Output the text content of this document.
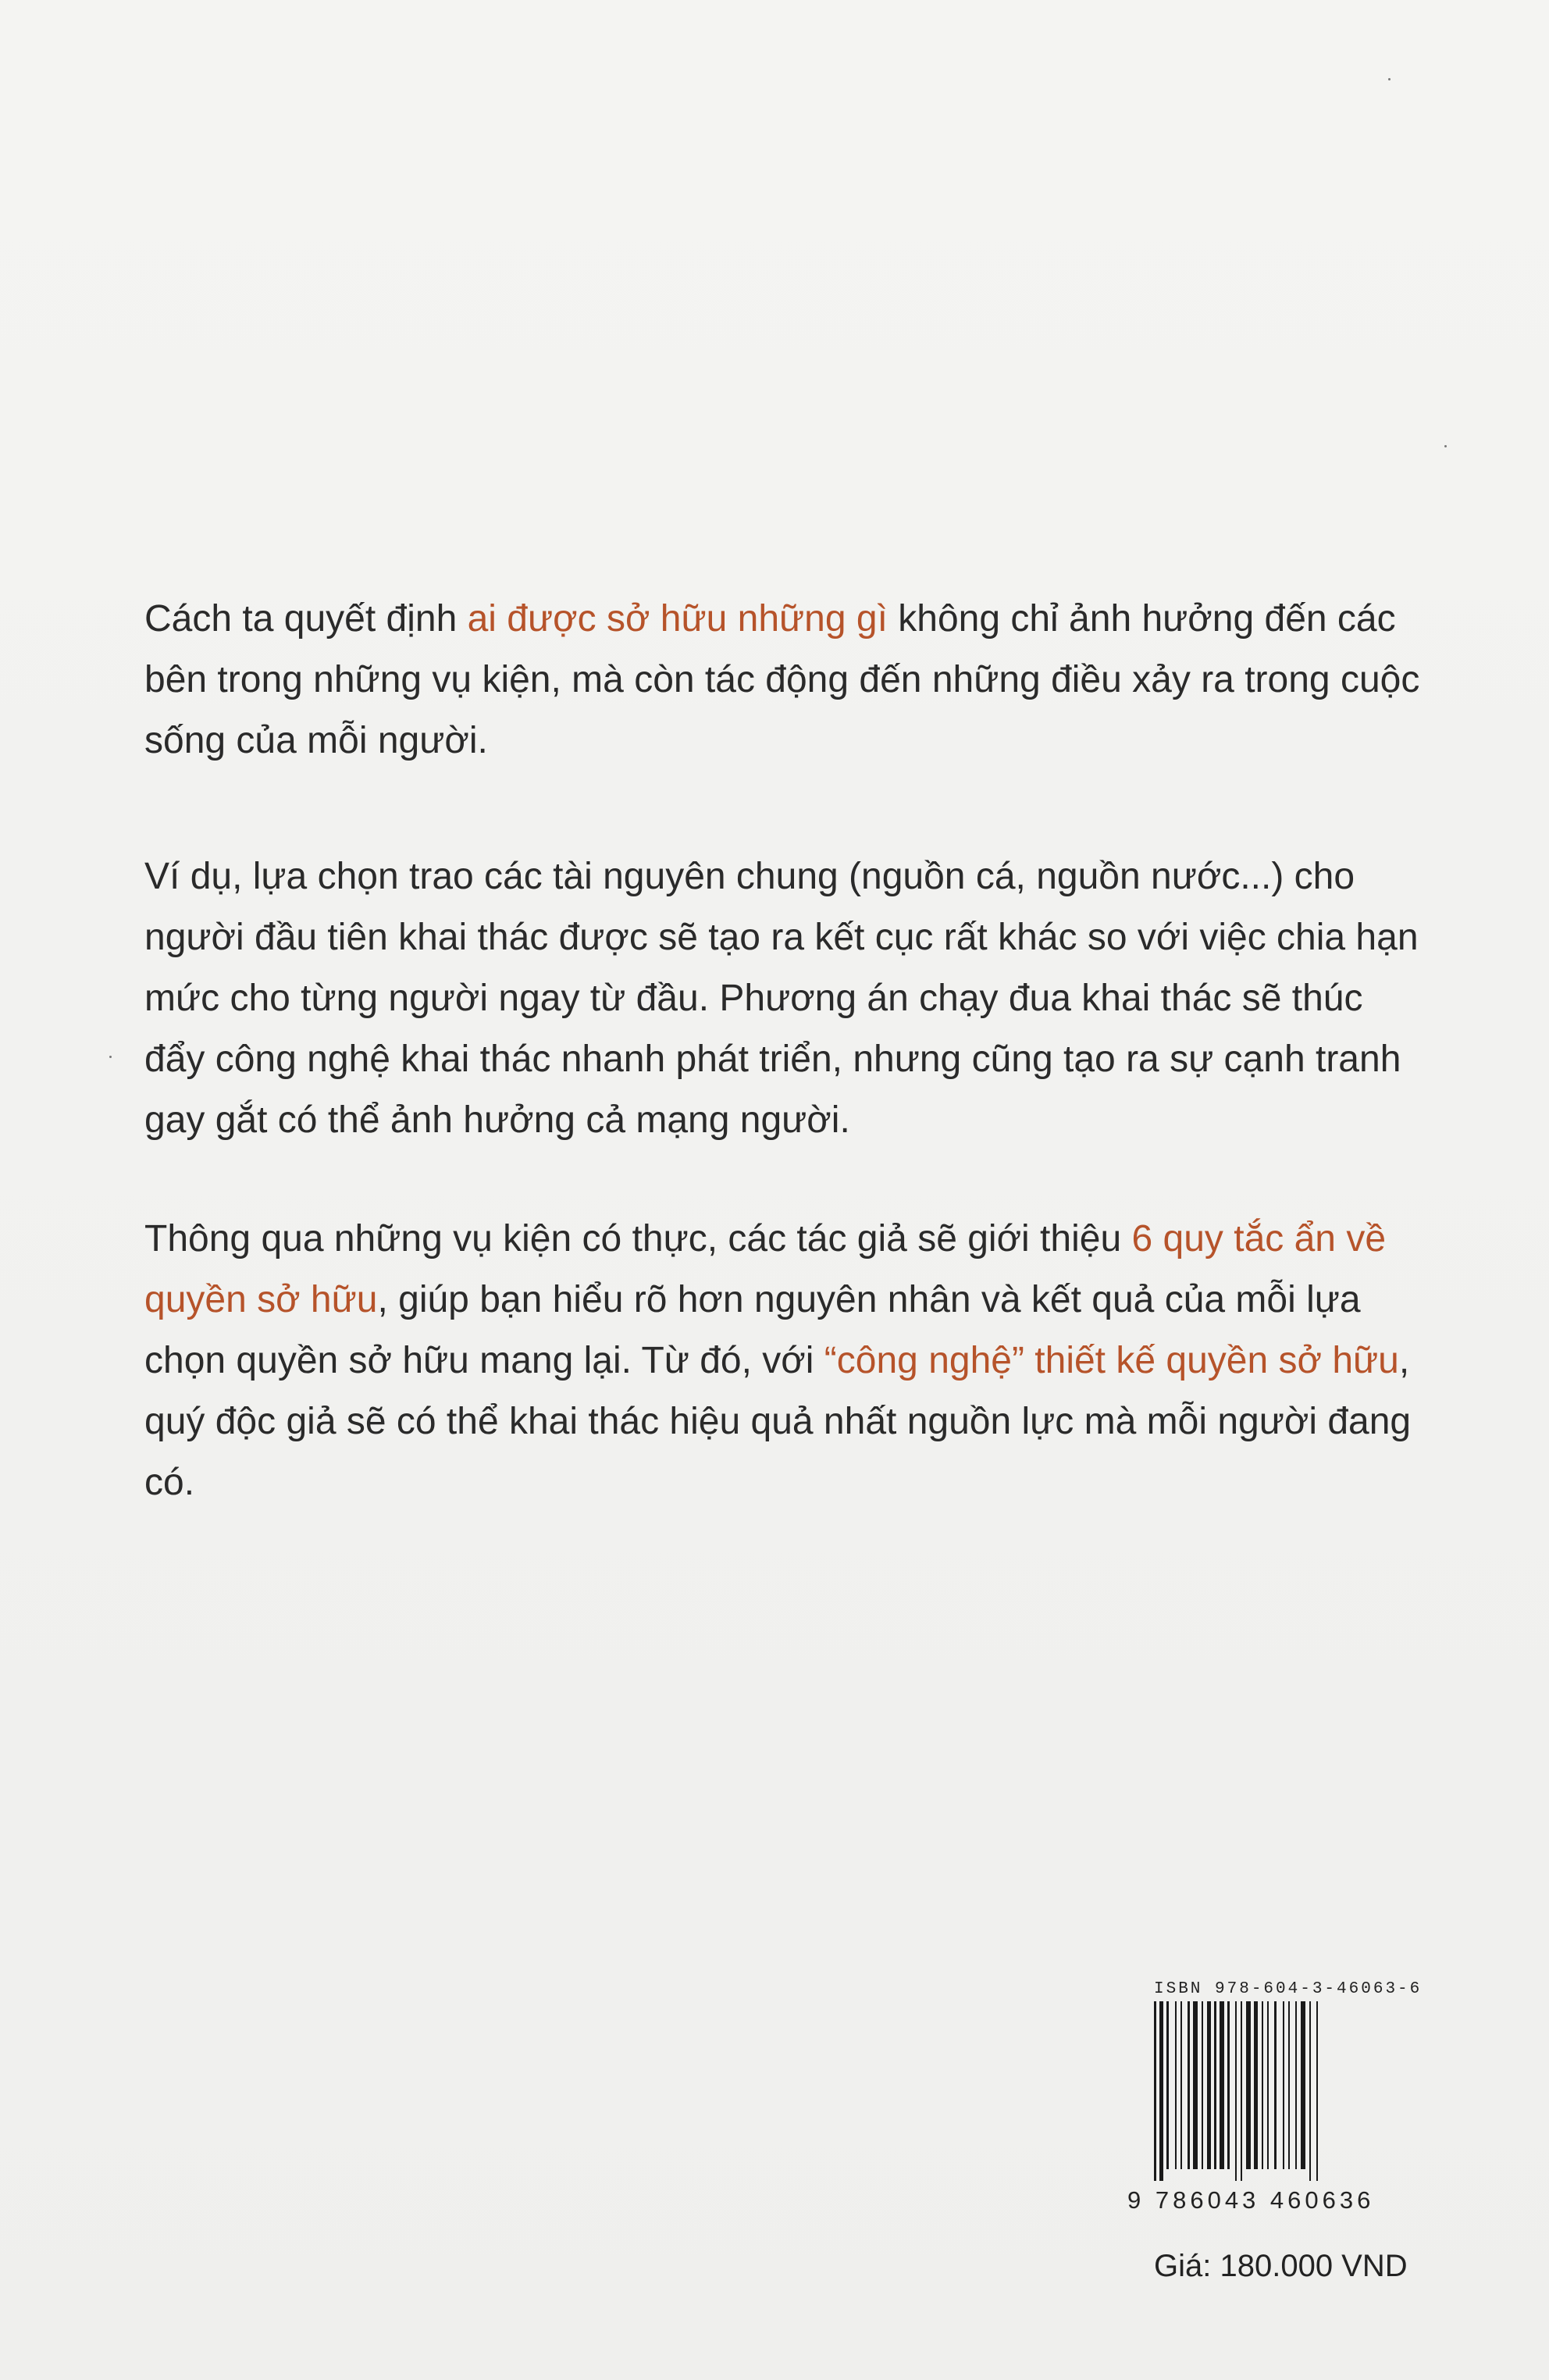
Cách ta quyết định ai được sở hữu những gì không chỉ ảnh hưởng đến các bên trong những vụ kiện, mà còn tác động đến những điều xảy ra trong cuộc sống của mỗi người.

Ví dụ, lựa chọn trao các tài nguyên chung (nguồn cá, nguồn nước...) cho người đầu tiên khai thác được sẽ tạo ra kết cục rất khác so với việc chia hạn mức cho từng người ngay từ đầu. Phương án chạy đua khai thác sẽ thúc đẩy công nghệ khai thác nhanh phát triển, nhưng cũng tạo ra sự cạnh tranh gay gắt có thể ảnh hưởng cả mạng người.

Thông qua những vụ kiện có thực, các tác giả sẽ giới thiệu 6 quy tắc ẩn về quyền sở hữu, giúp bạn hiểu rõ hơn nguyên nhân và kết quả của mỗi lựa chọn quyền sở hữu mang lại. Từ đó, với “công nghệ” thiết kế quyền sở hữu, quý độc giả sẽ có thể khai thác hiệu quả nhất nguồn lực mà mỗi người đang có.

ISBN 978-604-3-46063-6
9 786043 460636
Giá: 180.000 VND
